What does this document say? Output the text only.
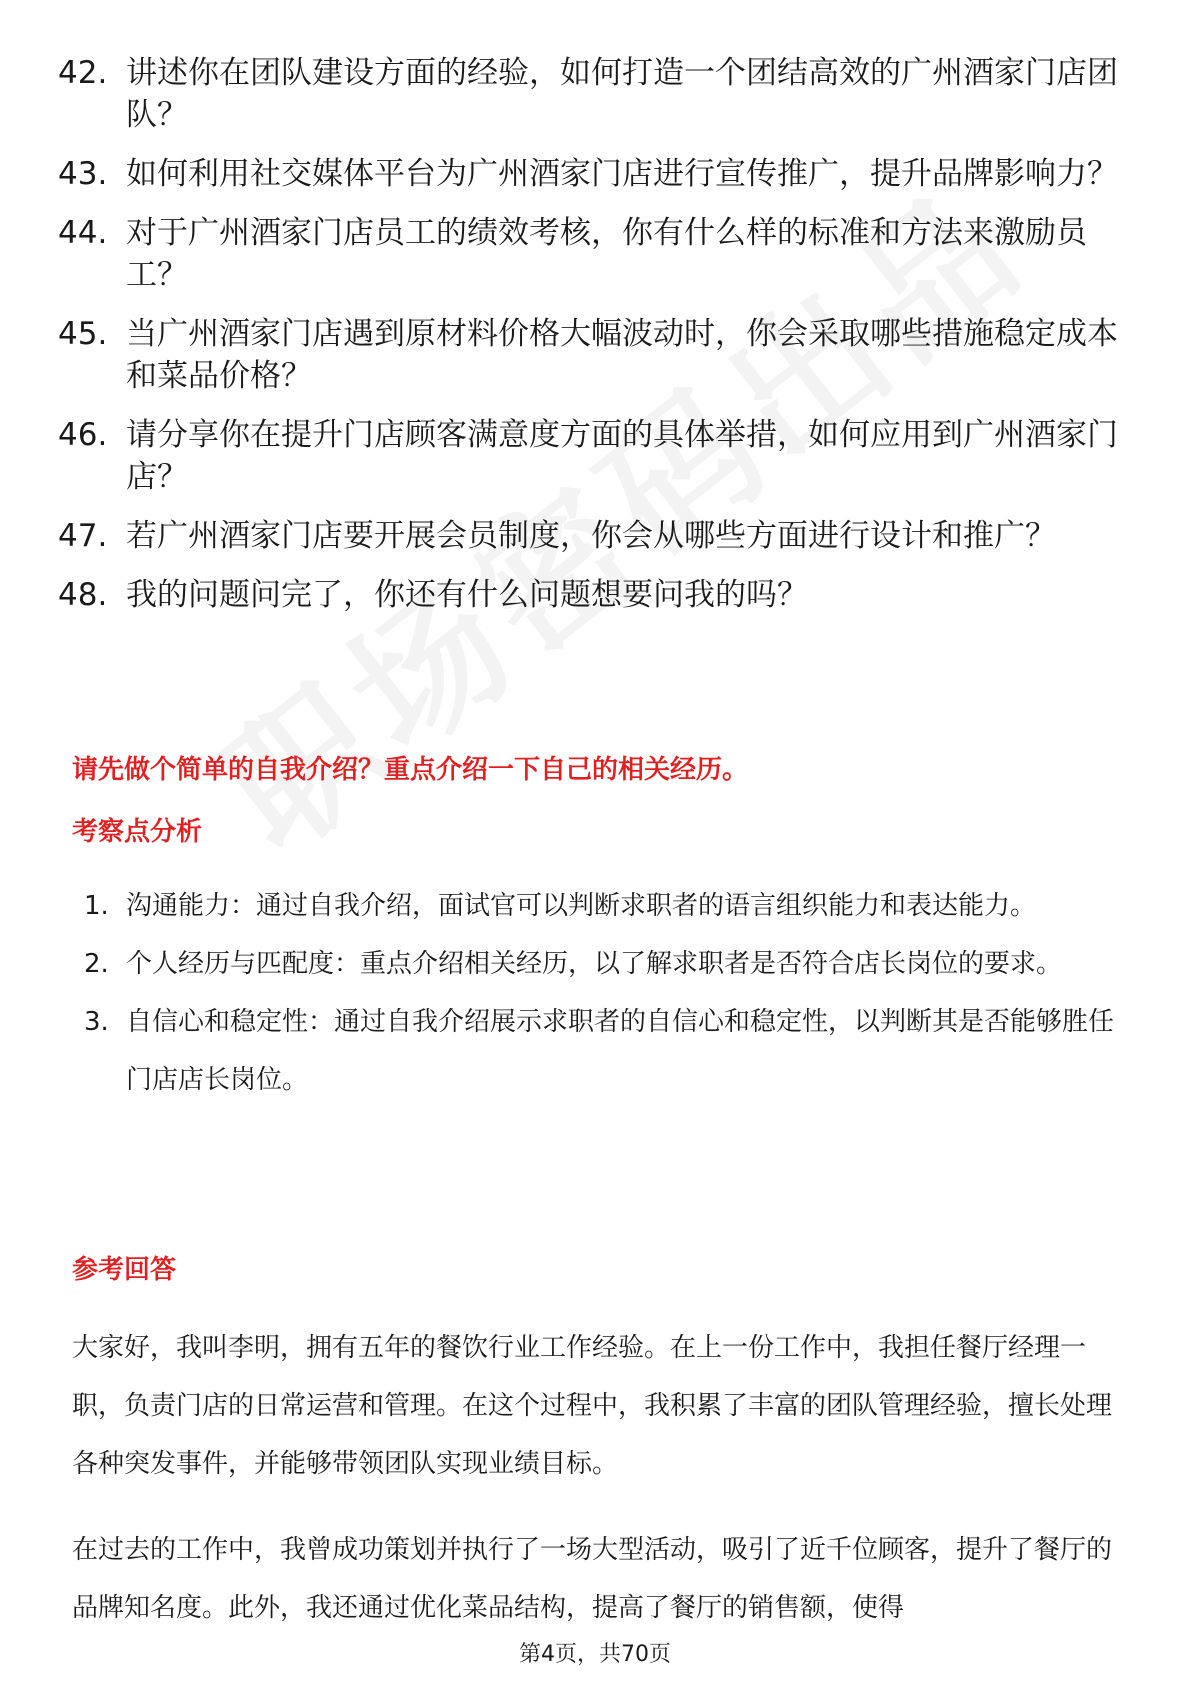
42. 讲述你在团队建设方面的经验，如何打造一个团结高效的广州酒家门店团队？
43. 如何利用社交媒体平台为广州酒家门店进行宣传推广，提升品牌影响力？
44. 对于广州酒家门店员工的绩效考核，你有什么样的标准和方法来激励员工？
45. 当广州酒家门店遇到原材料价格大幅波动时，你会采取哪些措施稳定成本和菜品价格？
46. 请分享你在提升门店顾客满意度方面的具体举措，如何应用到广州酒家门店？
47. 若广州酒家门店要开展会员制度，你会从哪些方面进行设计和推广？
48. 我的问题问完了，你还有什么问题想要问我的吗？
请先做个简单的自我介绍？重点介绍一下自己的相关经历。
考察点分析
1. 沟通能力：通过自我介绍，面试官可以判断求职者的语言组织能力和表达能力。
2. 个人经历与匹配度：重点介绍相关经历，以了解求职者是否符合店长岗位的要求。
3. 自信心和稳定性：通过自我介绍展示求职者的自信心和稳定性，以判断其是否能够胜任门店店长岗位。
参考回答
大家好，我叫李明，拥有五年的餐饮行业工作经验。在上一份工作中，我担任餐厅经理一职，负责门店的日常运营和管理。在这个过程中，我积累了丰富的团队管理经验，擅长处理各种突发事件，并能够带领团队实现业绩目标。
在过去的工作中，我曾成功策划并执行了一场大型活动，吸引了近千位顾客，提升了餐厅的品牌知名度。此外，我还通过优化菜品结构，提高了餐厅的销售额，使得
第4页，共70页
